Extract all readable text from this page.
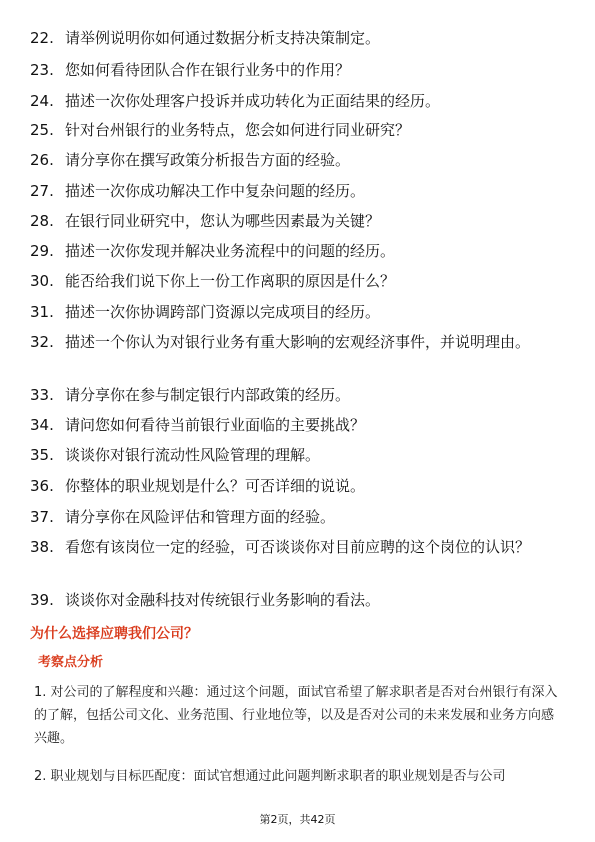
22. 请举例说明你如何通过数据分析支持决策制定。
23. 您如何看待团队合作在银行业务中的作用？
24. 描述一次你处理客户投诉并成功转化为正面结果的经历。
25. 针对台州银行的业务特点，您会如何进行同业研究？
26. 请分享你在撰写政策分析报告方面的经验。
27. 描述一次你成功解决工作中复杂问题的经历。
28. 在银行同业研究中，您认为哪些因素最为关键？
29. 描述一次你发现并解决业务流程中的问题的经历。
30. 能否给我们说下你上一份工作离职的原因是什么？
31. 描述一次你协调跨部门资源以完成项目的经历。
32. 描述一个你认为对银行业务有重大影响的宏观经济事件，并说明理由。
33. 请分享你在参与制定银行内部政策的经历。
34. 请问您如何看待当前银行业面临的主要挑战？
35. 谈谈你对银行流动性风险管理的理解。
36. 你整体的职业规划是什么？可否详细的说说。
37. 请分享你在风险评估和管理方面的经验。
38. 看您有该岗位一定的经验，可否谈谈你对目前应聘的这个岗位的认识？
39. 谈谈你对金融科技对传统银行业务影响的看法。
为什么选择应聘我们公司？
考察点分析
1. 对公司的了解程度和兴趣：通过这个问题，面试官希望了解求职者是否对台州银行有深入的了解，包括公司文化、业务范围、行业地位等，以及是否对公司的未来发展和业务方向感兴趣。
2. 职业规划与目标匹配度：面试官想通过此问题判断求职者的职业规划是否与公司
第2页，共42页
